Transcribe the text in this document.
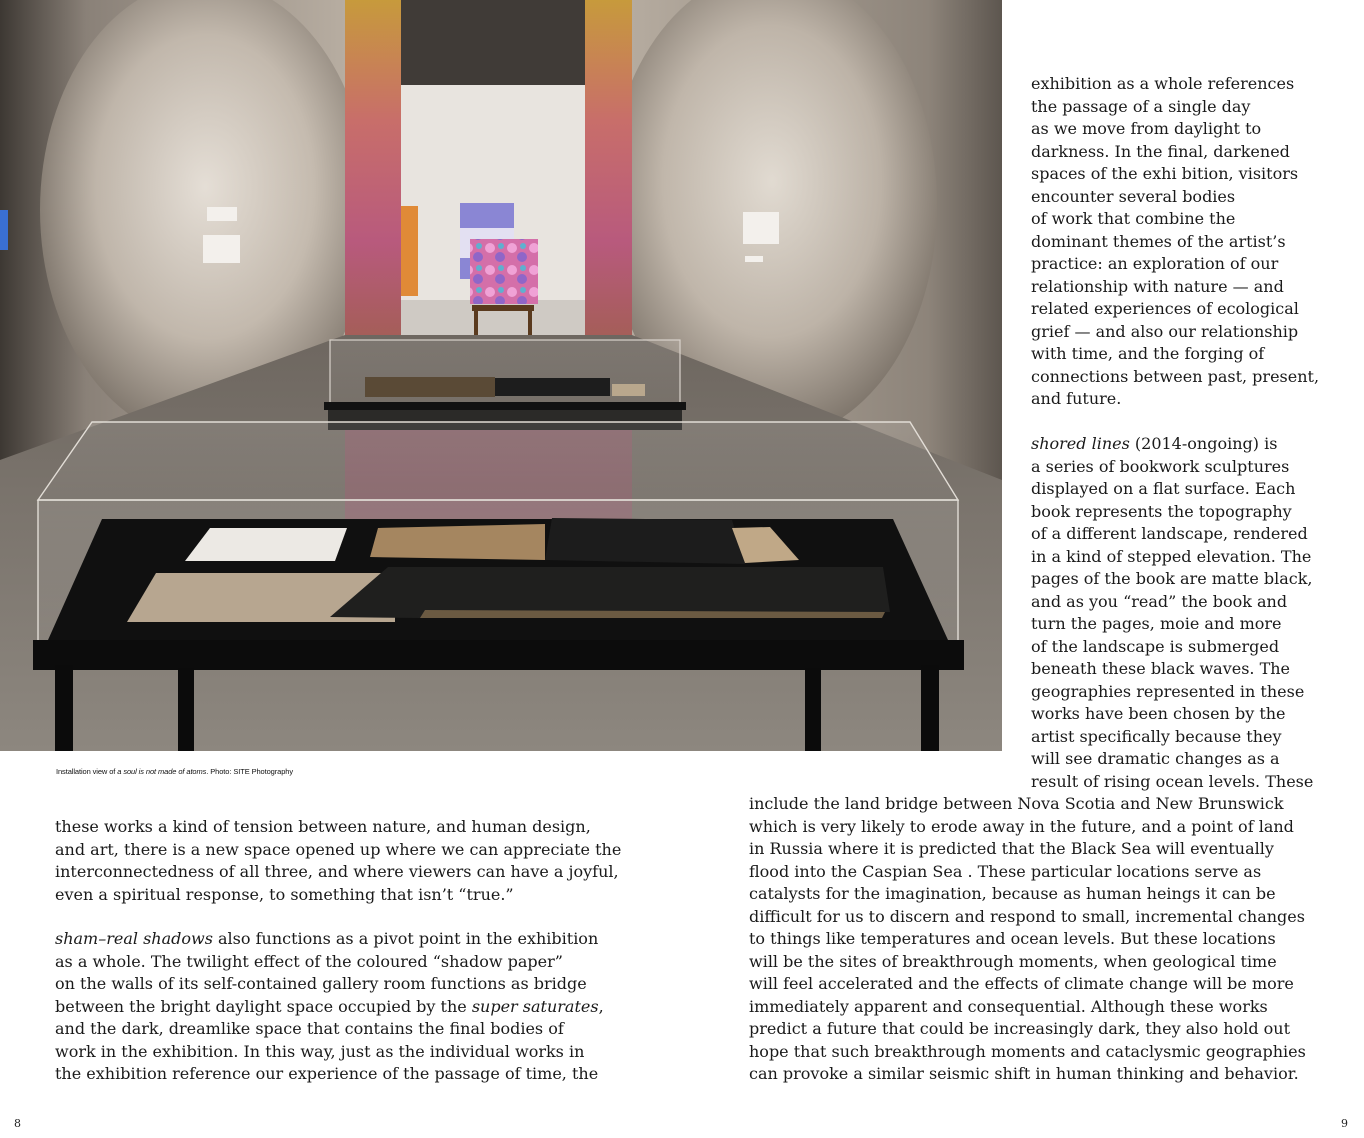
Installation view of a soul is not made of atoms. Photo: SITE Photography
exhibition as a whole references
the passage of a single day
as we move from daylight to
darkness. In the final, darkened
spaces of the exhi bition, visitors
encounter several bodies
of work that combine the
dominant themes of the artist’s
practice: an exploration of our
relationship with nature — and
related experiences of ecological
grief — and also our relationship
with time, and the forging of
connections between past, present,
and future.
shored lines (2014-ongoing) is
a series of bookwork sculptures
displayed on a flat surface. Each
book represents the topography
of a different landscape, rendered
in a kind of stepped elevation. The
pages of the book are matte black,
and as you “read” the book and
turn the pages, moie and more
of the landscape is submerged
beneath these black waves. The
geographies represented in these
works have been chosen by the
artist specifically because they
will see dramatic changes as a
result of rising ocean levels. These
include the land bridge between Nova Scotia and New Brunswick
which is very likely to erode away in the future, and a point of land
in Russia where it is predicted that the Black Sea will eventually
flood into the Caspian Sea . These particular locations serve as
catalysts for the imagination, because as human heings it can be
difficult for us to discern and respond to small, incremental changes
to things like temperatures and ocean levels. But these locations
will be the sites of breakthrough moments, when geological time
will feel accelerated and the effects of climate change will be more
immediately apparent and consequential. Although these works
predict a future that could be increasingly dark, they also hold out
hope that such breakthrough moments and cataclysmic geographies
can provoke a similar seismic shift in human thinking and behavior.
these works a kind of tension between nature, and human design,
and art, there is a new space opened up where we can appreciate the
interconnectedness of all three, and where viewers can have a joyful,
even a spiritual response, to something that isn’t “true.”
sham–real shadows also functions as a pivot point in the exhibition
as a whole. The twilight effect of the coloured “shadow paper”
on the walls of its self-contained gallery room functions as bridge
between the bright daylight space occupied by the super saturates,
and the dark, dreamlike space that contains the final bodies of
work in the exhibition. In this way, just as the individual works in
the exhibition reference our experience of the passage of time, the
8	9
